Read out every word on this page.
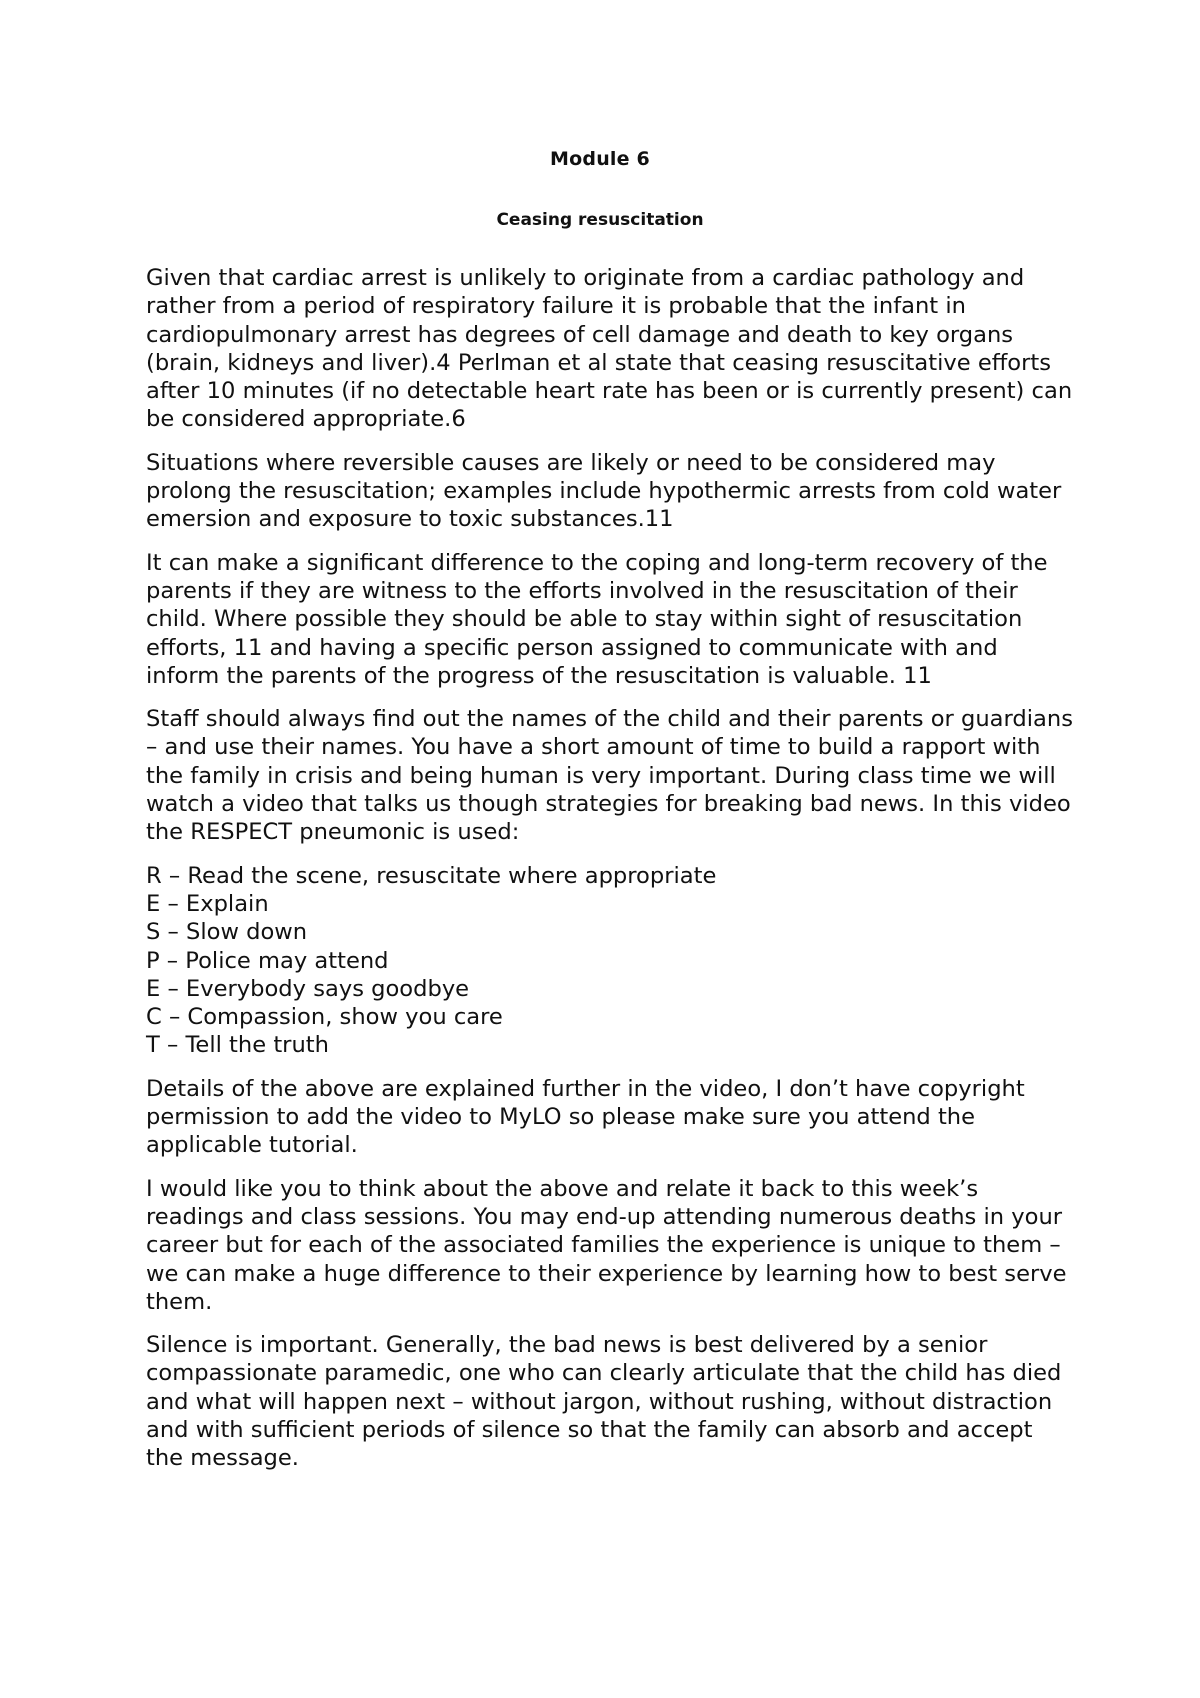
Module 6
Ceasing resuscitation

Given that cardiac arrest is unlikely to originate from a cardiac pathology and rather from a period of respiratory failure it is probable that the infant in cardiopulmonary arrest has degrees of cell damage and death to key organs (brain, kidneys and liver).4 Perlman et al state that ceasing resuscitative efforts after 10 minutes (if no detectable heart rate has been or is currently present) can be considered appropriate.6

Situations where reversible causes are likely or need to be considered may prolong the resuscitation; examples include hypothermic arrests from cold water emersion and exposure to toxic substances.11

It can make a significant difference to the coping and long-term recovery of the parents if they are witness to the efforts involved in the resuscitation of their child. Where possible they should be able to stay within sight of resuscitation efforts, 11 and having a specific person assigned to communicate with and inform the parents of the progress of the resuscitation is valuable. 11

Staff should always find out the names of the child and their parents or guardians – and use their names. You have a short amount of time to build a rapport with the family in crisis and being human is very important. During class time we will watch a video that talks us though strategies for breaking bad news. In this video the RESPECT pneumonic is used:

R – Read the scene, resuscitate where appropriate
E – Explain
S – Slow down
P – Police may attend
E – Everybody says goodbye
C – Compassion, show you care
T – Tell the truth

Details of the above are explained further in the video, I don’t have copyright permission to add the video to MyLO so please make sure you attend the applicable tutorial.

I would like you to think about the above and relate it back to this week’s readings and class sessions. You may end-up attending numerous deaths in your career but for each of the associated families the experience is unique to them – we can make a huge difference to their experience by learning how to best serve them.

Silence is important. Generally, the bad news is best delivered by a senior compassionate paramedic, one who can clearly articulate that the child has died and what will happen next – without jargon, without rushing, without distraction and with sufficient periods of silence so that the family can absorb and accept the message.
